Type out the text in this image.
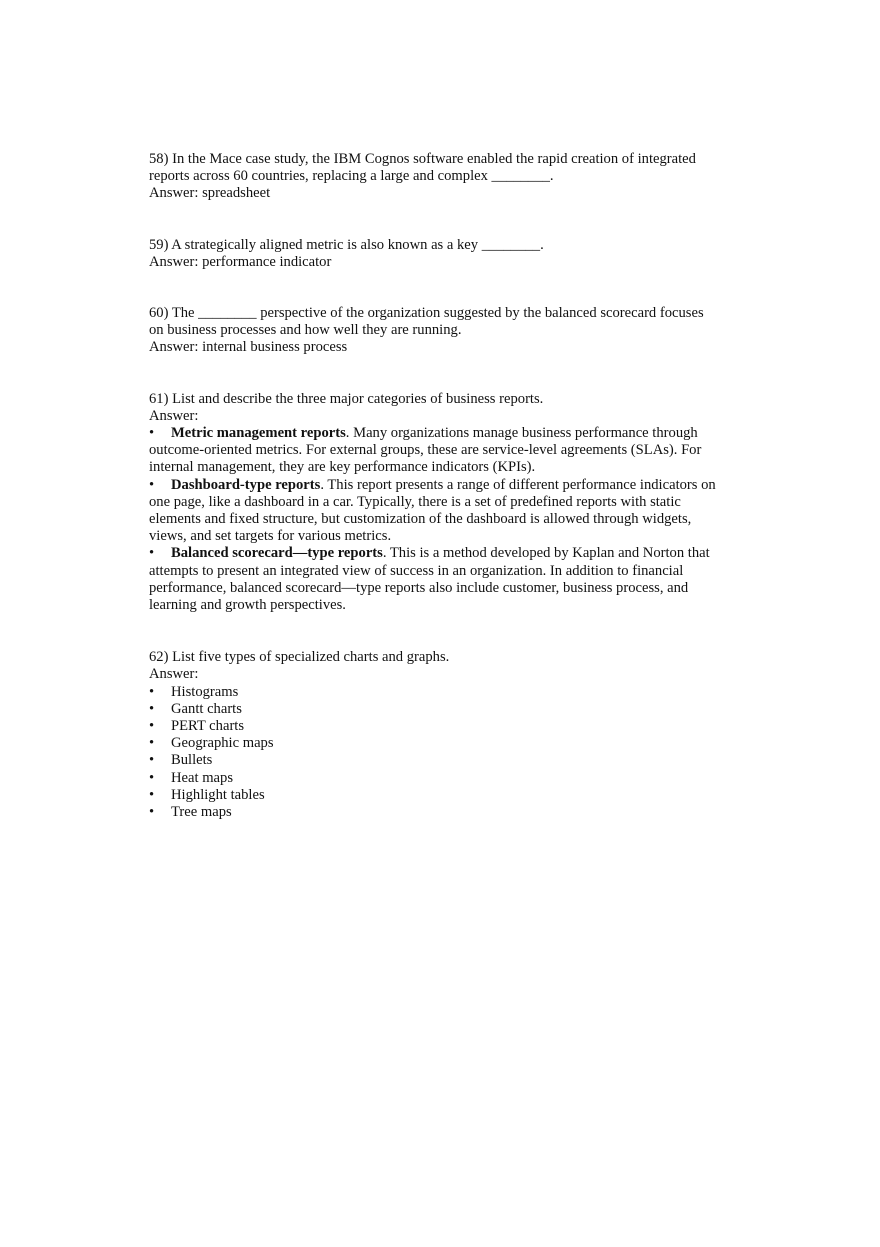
58) In the Mace case study, the IBM Cognos software enabled the rapid creation of integrated
reports across 60 countries, replacing a large and complex ________.
Answer: spreadsheet
59) A strategically aligned metric is also known as a key ________.
Answer: performance indicator
60) The ________ perspective of the organization suggested by the balanced scorecard focuses
on business processes and how well they are running.
Answer: internal business process
61) List and describe the three major categories of business reports.
Answer:
• Metric management reports. Many organizations manage business performance through
outcome-oriented metrics. For external groups, these are service-level agreements (SLAs). For
internal management, they are key performance indicators (KPIs).
• Dashboard-type reports. This report presents a range of different performance indicators on
one page, like a dashboard in a car. Typically, there is a set of predefined reports with static
elements and fixed structure, but customization of the dashboard is allowed through widgets,
views, and set targets for various metrics.
• Balanced scorecard—type reports. This is a method developed by Kaplan and Norton that
attempts to present an integrated view of success in an organization. In addition to financial
performance, balanced scorecard—type reports also include customer, business process, and
learning and growth perspectives.
62) List five types of specialized charts and graphs.
Answer:
•	Histograms
•	Gantt charts
•	PERT charts
•	Geographic maps
•	Bullets
•	Heat maps
•	Highlight tables
•	Tree maps
